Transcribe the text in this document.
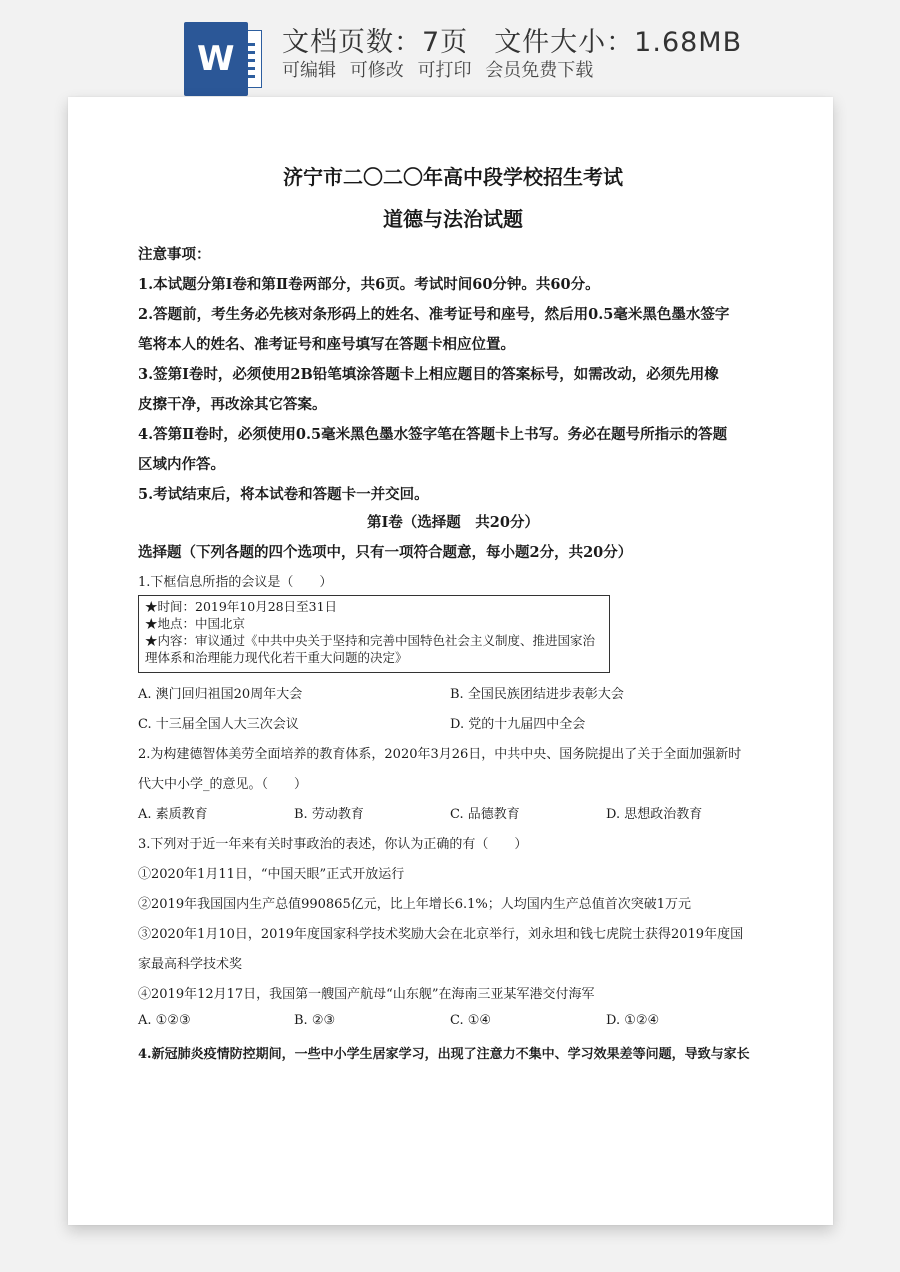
W	文档页数：7页 文件大小：1.68MB
可编辑 可修改 可打印 会员免费下载
济宁市二〇二〇年高中段学校招生考试
道德与法治试题
注意事项：
1.本试题分第Ⅰ卷和第Ⅱ卷两部分，共6页。考试时间60分钟。共60分。
2.答题前，考生务必先核对条形码上的姓名、准考证号和座号，然后用0.5毫米黑色墨水签字
笔将本人的姓名、准考证号和座号填写在答题卡相应位置。
3.签第Ⅰ卷时，必须使用2B铅笔填涂答题卡上相应题目的答案标号，如需改动，必须先用橡
皮擦干净，再改涂其它答案。
4.答第Ⅱ卷时，必须使用0.5毫米黑色墨水签字笔在答题卡上书写。务必在题号所指示的答题
区域内作答。
5.考试结束后，将本试卷和答题卡一并交回。
第Ⅰ卷（选择题　共20分）
选择题（下列各题的四个选项中，只有一项符合题意，每小题2分，共20分）
1.下框信息所指的会议是（　　）
★时间：2019年10月28日至31日
★地点：中国北京
★内容：审议通过《中共中央关于坚持和完善中国特色社会主义制度、推进国家治
理体系和治理能力现代化若干重大问题的决定》
A. 澳门回归祖国20周年大会	B. 全国民族团结进步表彰大会
C. 十三届全国人大三次会议	D. 党的十九届四中全会
2.为构建德智体美劳全面培养的教育体系，2020年3月26日，中共中央、国务院提出了关于全面加强新时
代大中小学_的意见。（　　）
A. 素质教育	B. 劳动教育	C. 品德教育	D. 思想政治教育
3.下列对于近一年来有关时事政治的表述，你认为正确的有（　　）
①2020年1月11日，“中国天眼”正式开放运行
②2019年我国国内生产总值990865亿元，比上年增长6.1%；人均国内生产总值首次突破1万元
③2020年1月10日，2019年度国家科学技术奖励大会在北京举行，刘永坦和钱七虎院士获得2019年度国
家最高科学技术奖
④2019年12月17日，我国第一艘国产航母“山东舰”在海南三亚某军港交付海军
A. ①②③	B. ②③	C. ①④	D. ①②④
4.新冠肺炎疫情防控期间，一些中小学生居家学习，出现了注意力不集中、学习效果差等问题，导致与家长
